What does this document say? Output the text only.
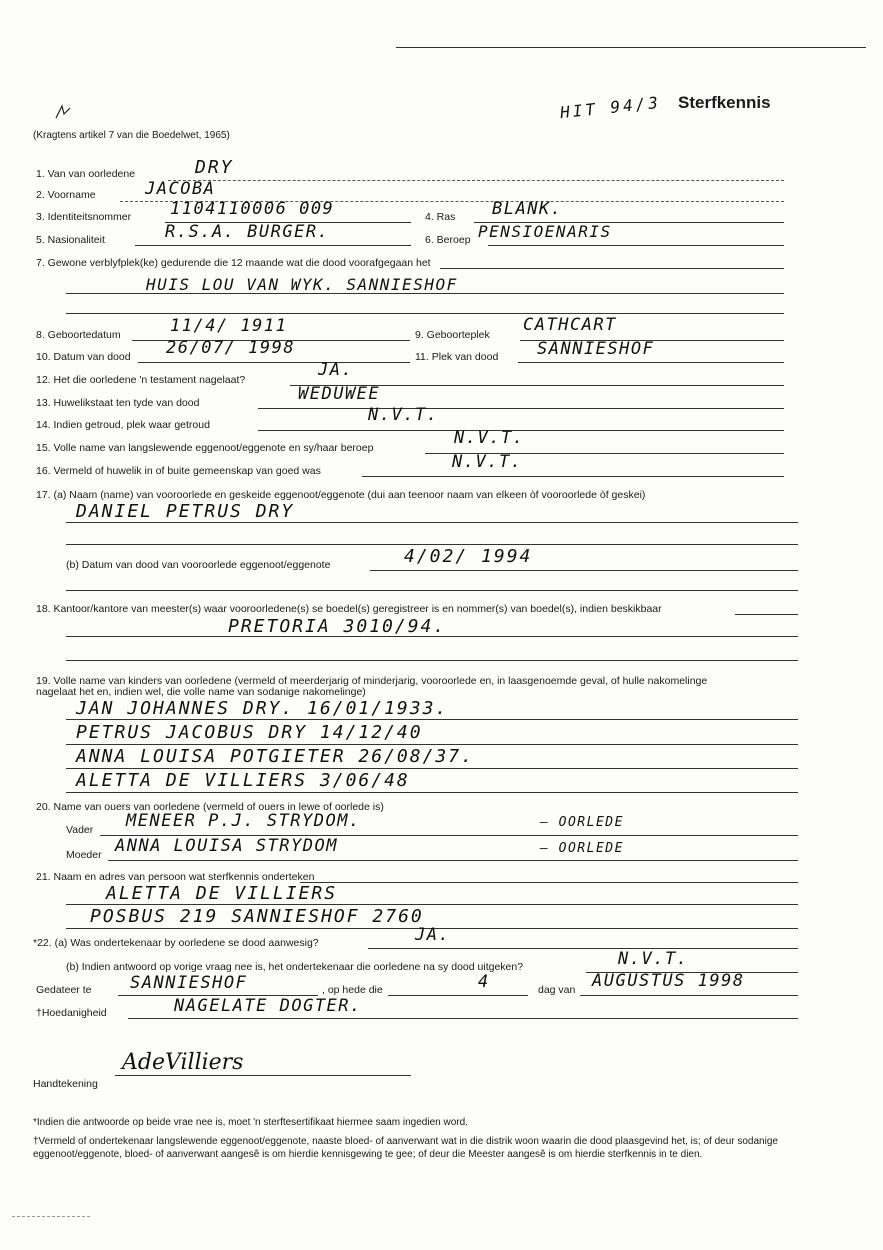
Sterfkennis
HIT 94/3
(Kragtens artikel 7 van die Boedelwet, 1965)
1. Van van oorledene	DRY
2. Voorname	JACOBA
3. Identiteitsnommer 1104110006 009	4. Ras BLANK.
5. Nasionaliteit	R.S.A. BURGER.	6. Beroep PENSIOENARIS
7. Gewone verblyfplek(ke) gedurende die 12 maande wat die dood voorafgegaan het
HUIS LOU VAN WYK. SANNIESHOF
8. Geboortedatum	11/4/ 1911	9. Geboorteplek CATHCART
10. Datum van dood 26/07/ 1998	11. Plek van dood SANNIESHOF
12. Het die oorledene 'n testament nagelaat?	JA.
13. Huwelikstaat ten tyde van dood	WEDUWEE
14. Indien getroud, plek waar getroud	N.V.T.
15. Volle name van langslewende eggenoot/eggenote en sy/haar beroep	N.V.T.
16. Vermeld of huwelik in of buite gemeenskap van goed was	N.V.T.
17. (a) Naam (name) van vooroorlede en geskeide eggenoot/eggenote (dui aan teenoor naam van elkeen òf vooroorlede òf geskei)
DANIEL PETRUS DRY
(b) Datum van dood van vooroorlede eggenoot/eggenote	4/02/ 1994
18. Kantoor/kantore van meester(s) waar vooroorledene(s) se boedel(s) geregistreer is en nommer(s) van boedel(s), indien beskikbaar
PRETORIA 3010/94.
19. Volle name van kinders van oorledene (vermeld of meerderjarig of minderjarig, vooroorlede en, in laasgenoemde geval, of hulle nakomelinge
nagelaat het en, indien wel, die volle name van sodanige nakomelinge)
JAN JOHANNES DRY. 16/01/1933.
PETRUS JACOBUS DRY 14/12/40
ANNA LOUISA POTGIETER 26/08/37.
ALETTA DE VILLIERS 3/06/48
20. Name van ouers van oorledene (vermeld of ouers in lewe of oorlede is)
Vader MENEER P.J. STRYDOM.	— OORLEDE
Moeder ANNA LOUISA STRYDOM	— OORLEDE
21. Naam en adres van persoon wat sterfkennis onderteken
ALETTA DE VILLIERS
POSBUS 219 SANNIESHOF 2760
*22. (a) Was ondertekenaar by oorledene se dood aanwesig?	JA.
(b) Indien antwoord op vorige vraag nee is, het ondertekenaar die oorledene na sy dood uitgeken?	N.V.T.
Gedateer te SANNIESHOF	, op hede die	4	dag van AUGUSTUS 1998
†Hoedanigheid	NAGELATE DOGTER.
AdeVilliers
Handtekening
*Indien die antwoorde op beide vrae nee is, moet 'n sterftesertifikaat hiermee saam ingedien word.
†Vermeld of ondertekenaar langslewende eggenoot/eggenote, naaste bloed- of aanverwant wat in die distrik woon waarin die dood plaasgevind het, is; of deur sodanige eggenoot/eggenote, bloed- of aanverwant aangesê is om hierdie kennisgewing te gee; of deur die Meester aangesê is om hierdie sterfkennis in te dien.
